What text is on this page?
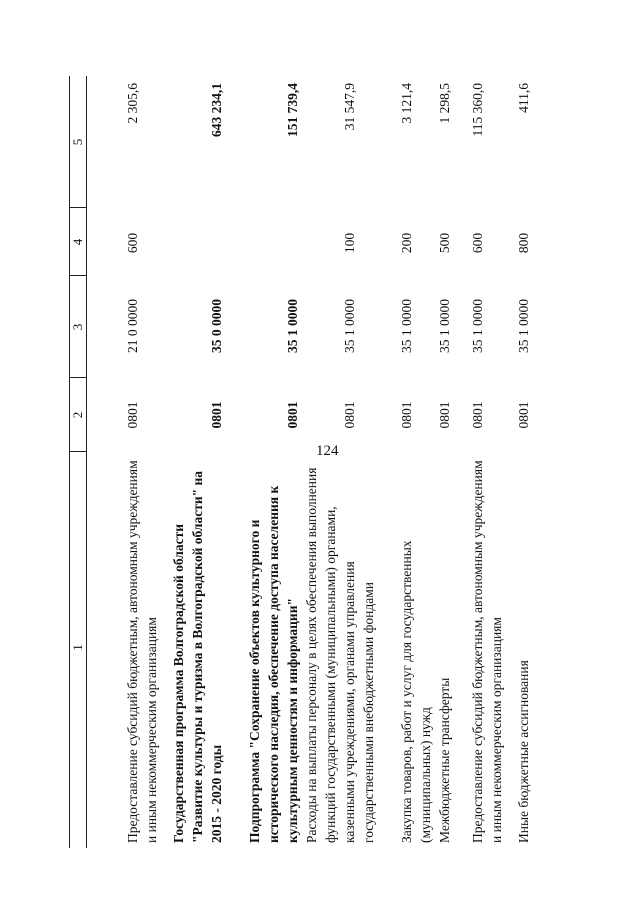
124
1
2
3
4
5
Предоставление субсидий бюджетным, автономным учреждениям и иным некоммерческим организациям
0801
21 0 0000
600
2 305,6
Государственная программа Волгоградской области "Развитие культуры и туризма в Волгоградской области" на 2015 - 2020 годы
0801
35 0 0000
643 234,1
Подпрограмма "Сохранение объектов культурного и исторического наследия, обеспечение доступа населения к культурным ценностям и информации"
0801
35 1 0000
151 739,4
Расходы на выплаты персоналу в целях обеспечения выполнения функций государственными (муниципальными) органами, казенными учреждениями, органами управления государственными внебюджетными фондами
0801
35 1 0000
100
31 547,9
Закупка товаров, работ и услуг для государственных (муниципальных) нужд
0801
35 1 0000
200
3 121,4
Межбюджетные трансферты
0801
35 1 0000
500
1 298,5
Предоставление субсидий бюджетным, автономным учреждениям и иным некоммерческим организациям
0801
35 1 0000
600
115 360,0
Иные бюджетные ассигнования
0801
35 1 0000
800
411,6
